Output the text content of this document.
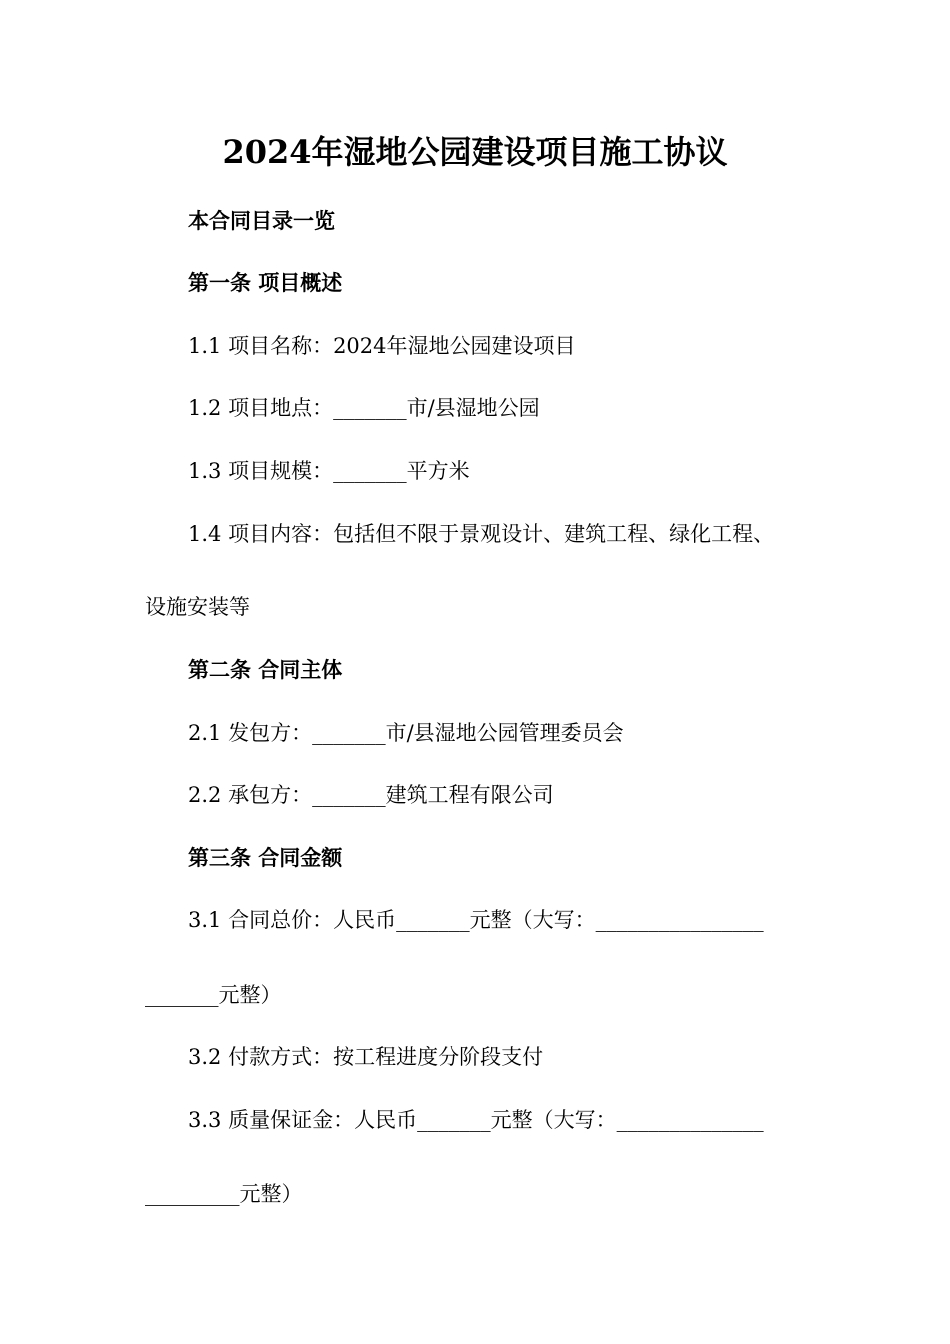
2024年湿地公园建设项目施工协议
本合同目录一览
第一条 项目概述
1.1 项目名称：2024年湿地公园建设项目
1.2 项目地点：_______市/县湿地公园
1.3 项目规模：_______平方米
1.4 项目内容：包括但不限于景观设计、建筑工程、绿化工程、
设施安装等
第二条 合同主体
2.1 发包方：_______市/县湿地公园管理委员会
2.2 承包方：_______建筑工程有限公司
第三条 合同金额
3.1 合同总价：人民币_______元整（大写：________________
_______元整）
3.2 付款方式：按工程进度分阶段支付
3.3 质量保证金：人民币_______元整（大写：______________
_________元整）
